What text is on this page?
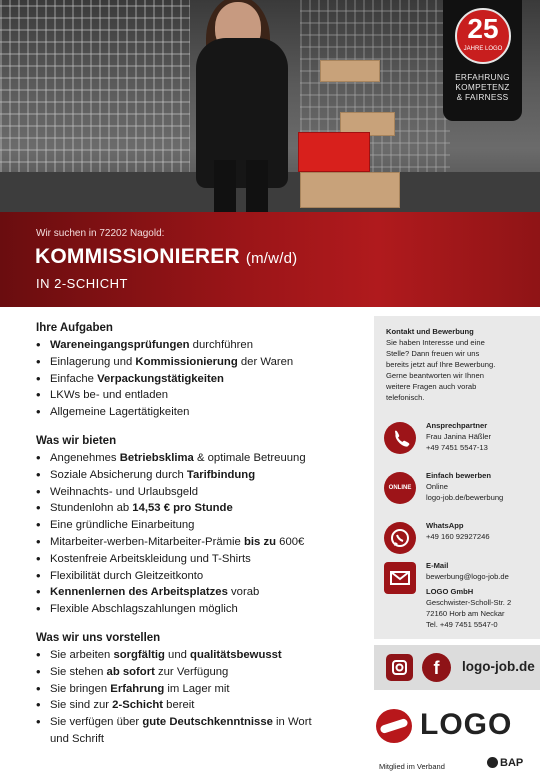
25
JAHRE LOGO
ERFAHRUNG
KOMPETENZ
& FAIRNESS
Wir suchen in 72202 Nagold:
KOMMISSIONIERER (m/w/d)
IN 2-SCHICHT
Ihre Aufgaben
• Wareneingangsprüfungen durchführen
• Einlagerung und Kommissionierung der Waren
• Einfache Verpackungstätigkeiten
• LKWs be- und entladen
• Allgemeine Lagertätigkeiten
Was wir bieten
• Angenehmes Betriebsklima & optimale Betreuung
• Soziale Absicherung durch Tarifbindung
• Weihnachts- und Urlaubsgeld
• Stundenlohn ab 14,53 € pro Stunde
• Eine gründliche Einarbeitung
• Mitarbeiter-werben-Mitarbeiter-Prämie bis zu 600€
• Kostenfreie Arbeitskleidung und T-Shirts
• Flexibilität durch Gleitzeitkonto
• Kennenlernen des Arbeitsplatzes vorab
• Flexible Abschlagszahlungen möglich
Was wir uns vorstellen
• Sie arbeiten sorgfältig und qualitätsbewusst
• Sie stehen ab sofort zur Verfügung
• Sie bringen Erfahrung im Lager mit
• Sie sind zur 2-Schicht bereit
• Sie verfügen über gute Deutschkenntnisse in Wort
und Schrift
Kontakt und Bewerbung
Sie haben Interesse und eine
Stelle? Dann freuen wir uns
bereits jetzt auf Ihre Bewerbung.
Gerne beantworten wir Ihnen
weitere Fragen auch vorab
telefonisch.
Ansprechpartner
Frau Janina Häßler
+49 7451 5547-13
ONLINE
Einfach bewerben
Online
logo-job.de/bewerbung
WhatsApp
+49 160 92927246
E-Mail
bewerbung@logo-job.de
LOGO GmbH
Geschwister-Scholl-Str. 2
72160 Horb am Neckar
Tel. +49 7451 5547-0
f	logo-job.de
LOGO
Mitglied im Verband	BAP
